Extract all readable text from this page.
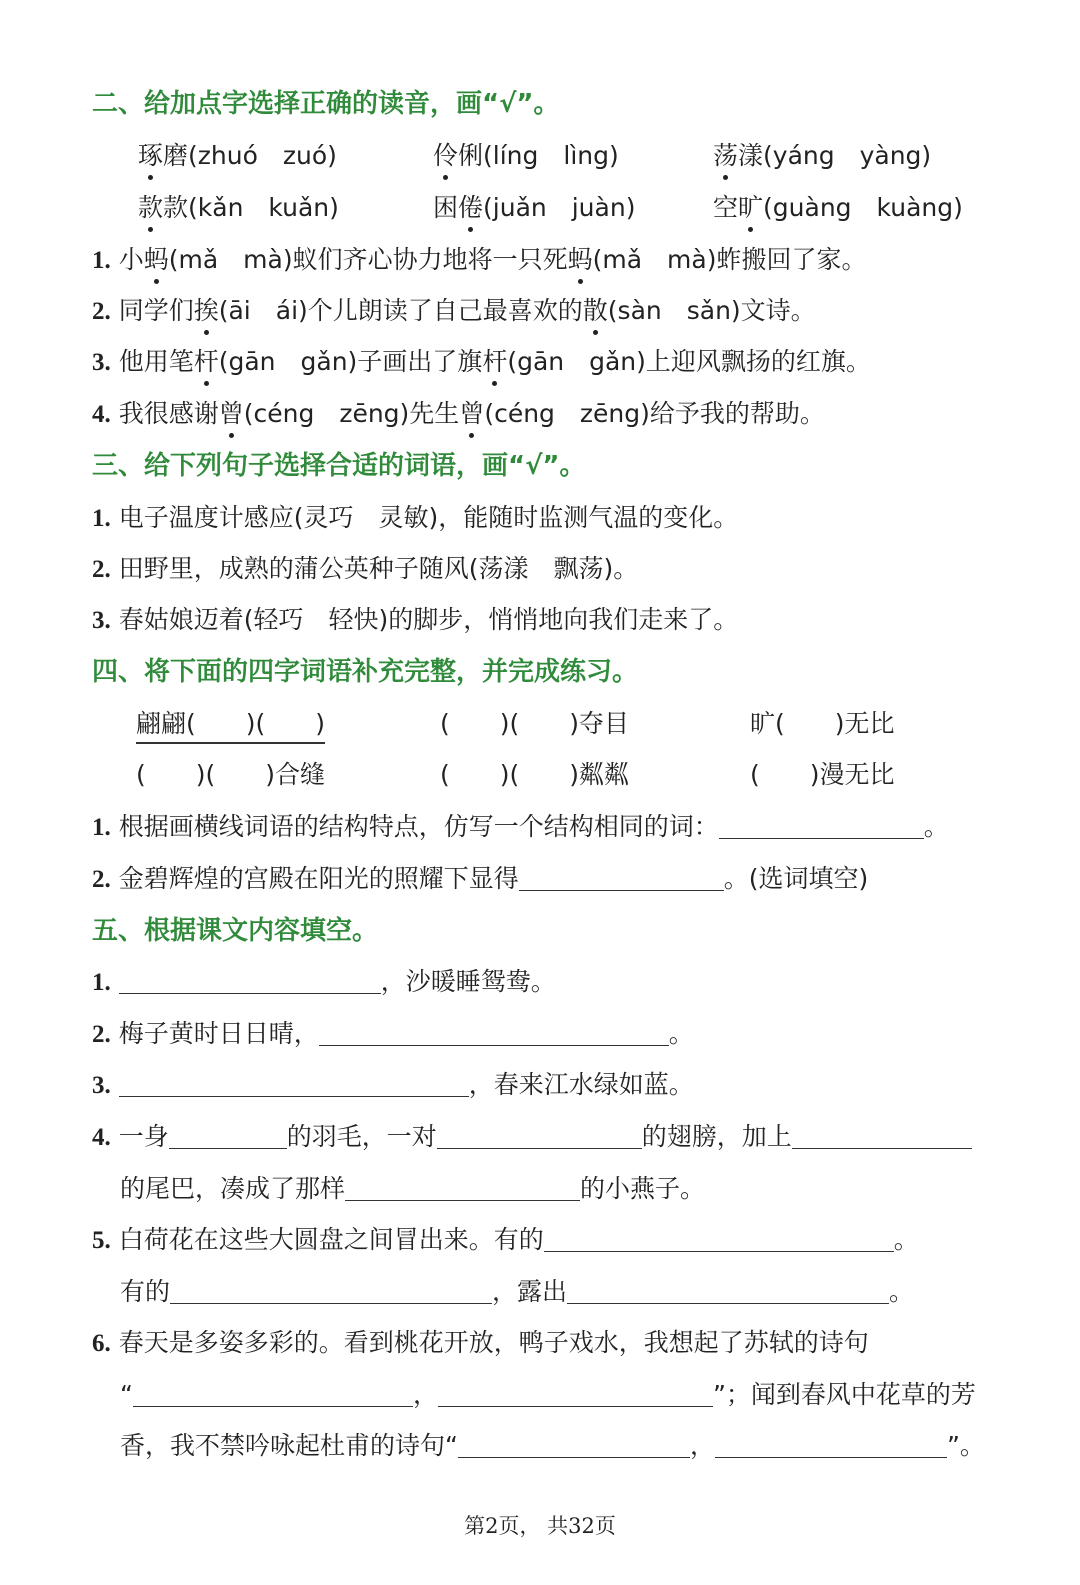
二、给加点字选择正确的读音，画“√”。
琢磨(zhuó　zuó)	伶俐(líng　lìng)	荡漾(yáng　yàng)
款款(kǎn　kuǎn)	困倦(juǎn　juàn)	空旷(guàng　kuàng)
1. 小蚂(mǎ　mà)蚁们齐心协力地将一只死蚂(mǎ　mà)蚱搬回了家。
2. 同学们挨(āi　ái)个儿朗读了自己最喜欢的散(sàn　sǎn)文诗。
3. 他用笔杆(gān　gǎn)子画出了旗杆(gān　gǎn)上迎风飘扬的红旗。
4. 我很感谢曾(céng　zēng)先生曾(céng　zēng)给予我的帮助。
三、给下列句子选择合适的词语，画“√”。
1. 电子温度计感应(灵巧　灵敏)，能随时监测气温的变化。
2. 田野里，成熟的蒲公英种子随风(荡漾　飘荡)。
3. 春姑娘迈着(轻巧　轻快)的脚步，悄悄地向我们走来了。
四、将下面的四字词语补充完整，并完成练习。
翩翩(　　)(　　)	(　　)(　　)夺目	旷(　　)无比
(　　)(　　)合缝	(　　)(　　)粼粼	(　　)漫无比
1. 根据画横线词语的结构特点，仿写一个结构相同的词：	。
2. 金碧辉煌的宫殿在阳光的照耀下显得	。(选词填空)
五、根据课文内容填空。
1.	，沙暖睡鸳鸯。
2. 梅子黄时日日晴，	。
3.	，春来江水绿如蓝。
4. 一身	的羽毛，一对	的翅膀，加上
的尾巴，凑成了那样	的小燕子。
5. 白荷花在这些大圆盘之间冒出来。有的	。
有的	，露出	。
6. 春天是多姿多彩的。看到桃花开放，鸭子戏水，我想起了苏轼的诗句
“	，	”；闻到春风中花草的芳
香，我不禁吟咏起杜甫的诗句“	，	”。
第2页， 共32页
